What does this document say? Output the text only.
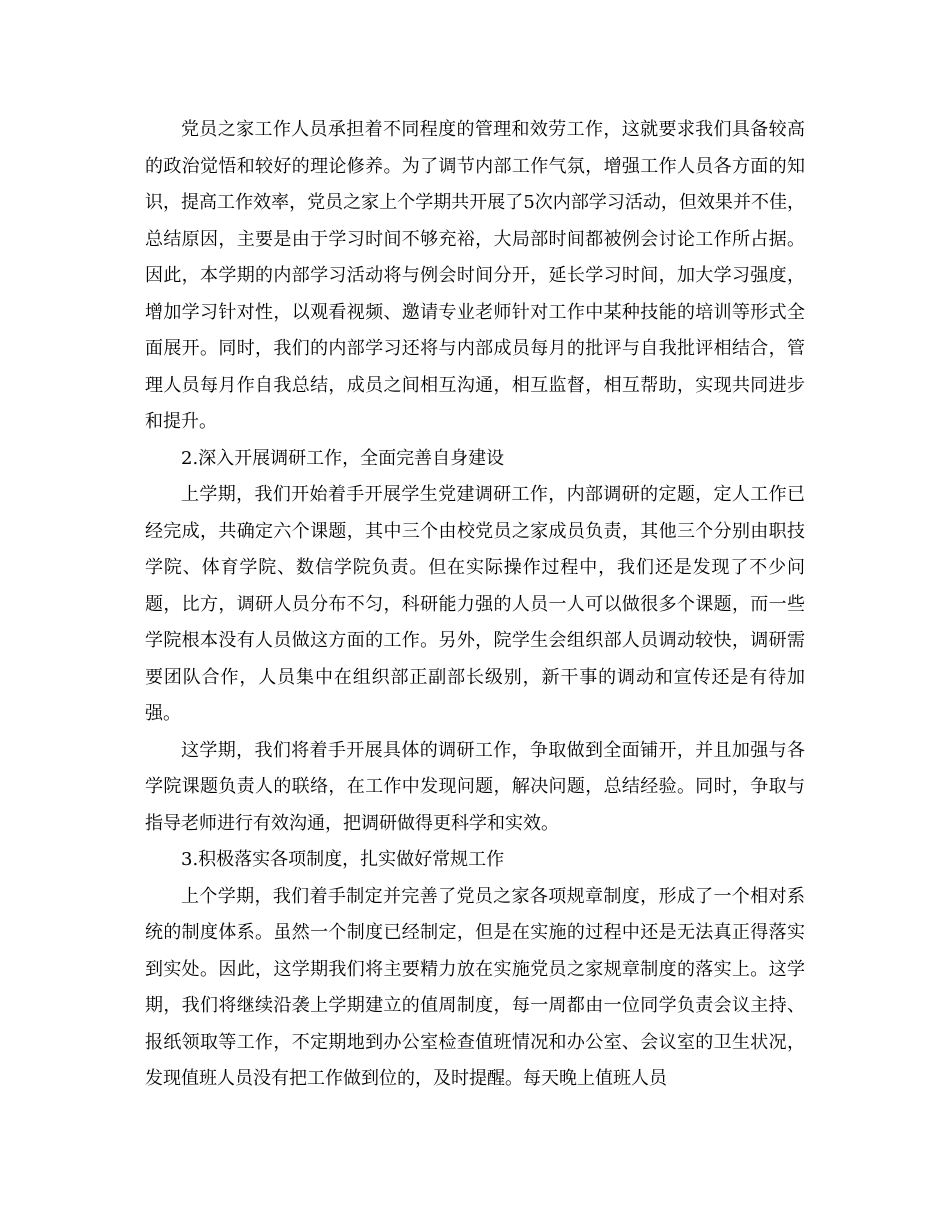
党员之家工作人员承担着不同程度的管理和效劳工作，这就要求我们具备较高的政治觉悟和较好的理论修养。为了调节内部工作气氛，增强工作人员各方面的知识，提高工作效率，党员之家上个学期共开展了5次内部学习活动，但效果并不佳，总结原因，主要是由于学习时间不够充裕，大局部时间都被例会讨论工作所占据。因此，本学期的内部学习活动将与例会时间分开，延长学习时间，加大学习强度，增加学习针对性，以观看视频、邀请专业老师针对工作中某种技能的培训等形式全面展开。同时，我们的内部学习还将与内部成员每月的批评与自我批评相结合，管理人员每月作自我总结，成员之间相互沟通，相互监督，相互帮助，实现共同进步和提升。

2.深入开展调研工作，全面完善自身建设

上学期，我们开始着手开展学生党建调研工作，内部调研的定题，定人工作已经完成，共确定六个课题，其中三个由校党员之家成员负责，其他三个分别由职技学院、体育学院、数信学院负责。但在实际操作过程中，我们还是发现了不少问题，比方，调研人员分布不匀，科研能力强的人员一人可以做很多个课题，而一些学院根本没有人员做这方面的工作。另外，院学生会组织部人员调动较快，调研需要团队合作，人员集中在组织部正副部长级别，新干事的调动和宣传还是有待加强。

这学期，我们将着手开展具体的调研工作，争取做到全面铺开，并且加强与各学院课题负责人的联络，在工作中发现问题，解决问题，总结经验。同时，争取与指导老师进行有效沟通，把调研做得更科学和实效。

3.积极落实各项制度，扎实做好常规工作

上个学期，我们着手制定并完善了党员之家各项规章制度，形成了一个相对系统的制度体系。虽然一个制度已经制定，但是在实施的过程中还是无法真正得落实到实处。因此，这学期我们将主要精力放在实施党员之家规章制度的落实上。这学期，我们将继续沿袭上学期建立的值周制度，每一周都由一位同学负责会议主持、报纸领取等工作，不定期地到办公室检查值班情况和办公室、会议室的卫生状况，发现值班人员没有把工作做到位的，及时提醒。每天晚上值班人员
